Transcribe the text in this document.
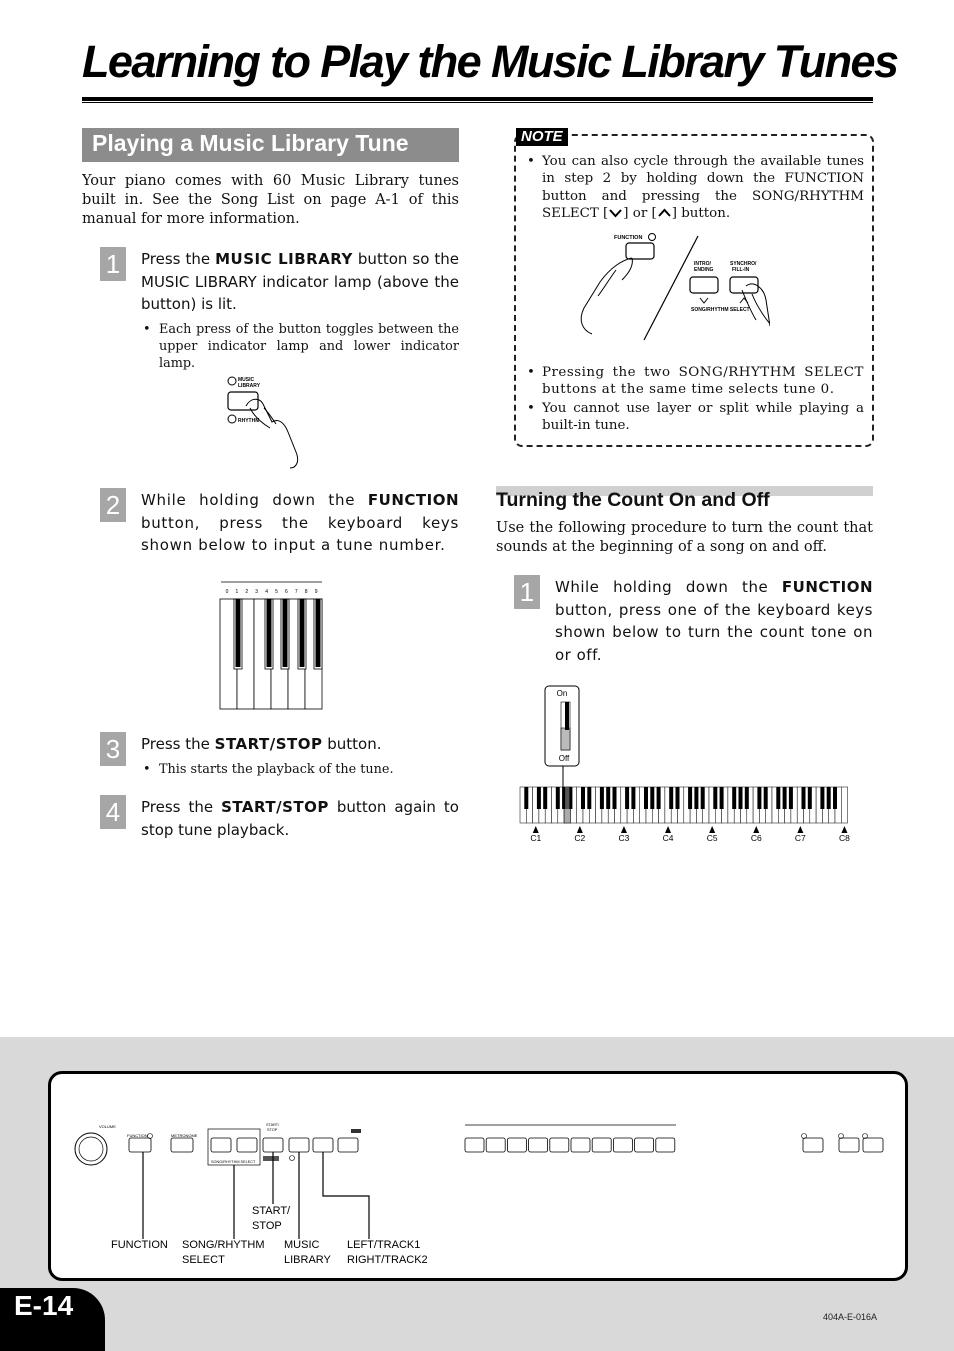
Learning to Play the Music Library Tunes
Playing a Music Library Tune
Your piano comes with 60 Music Library tunes built in. See the Song List on page A-1 of this manual for more information.
1	Press the MUSIC LIBRARY button so the MUSIC LIBRARY indicator lamp (above the button) is lit.
• Each press of the button toggles between the upper indicator lamp and lower indicator lamp.
MUSIC
LIBRARY
RHYTHM
2	While holding down the FUNCTION button, press the keyboard keys shown below to input a tune number.
0 1 2 3 4 5 6 7 8 9
3	Press the START/STOP button.
• This starts the playback of the tune.
4	Press the START/STOP button again to stop tune playback.
NOTE
• You can also cycle through the available tunes in step 2 by holding down the FUNCTION button and pressing the SONG/RHYTHM SELECT [ ] or [ ] button.
FUNCTION
INTRO/
ENDING
SYNCHRO/
FILL-IN
SONG/RHYTHM SELECT
• Pressing the two SONG/RHYTHM SELECT buttons at the same time selects tune 0.
• You cannot use layer or split while playing a built-in tune.
Turning the Count On and Off
Use the following procedure to turn the count that sounds at the beginning of a song on and off.
1	While holding down the FUNCTION button, press one of the keyboard keys shown below to turn the count tone on or off.
On
Off
C1	C2	C3	C4	C5	C6	C7	C8
VOLUME
FUNCTION	METRONOME
SONG/RHYTHM SELECT
START/
STOP
FUNCTION SONG/RHYTHM
SELECT
START/
STOP
MUSIC
LIBRARY
LEFT/TRACK1
RIGHT/TRACK2
E-14	404A-E-016A
